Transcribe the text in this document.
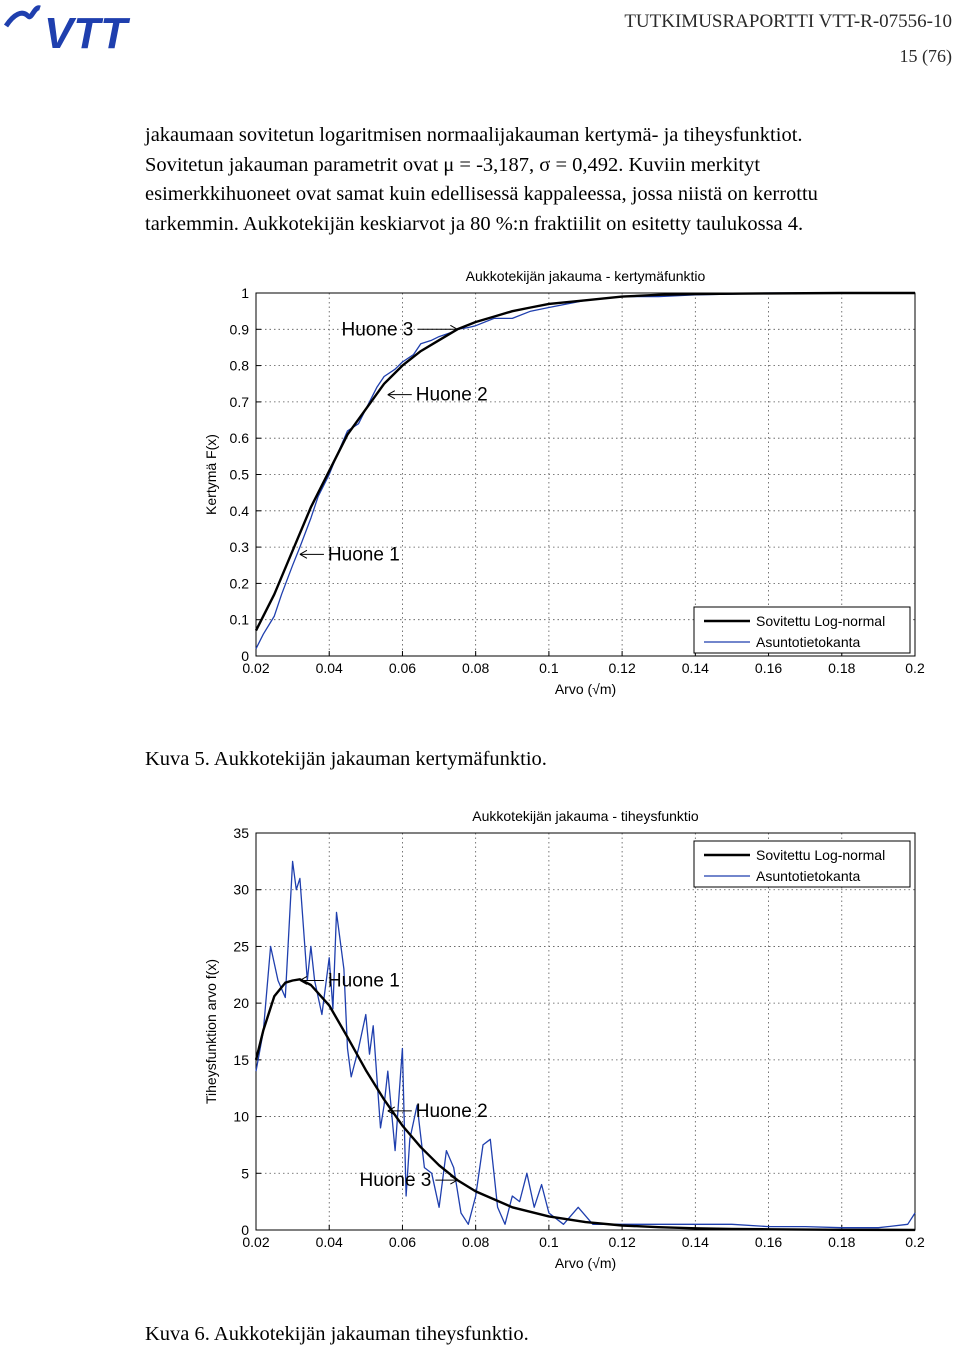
VTT	TUTKIMUSRAPORTTI VTT-R-07556-10
15 (76)

jakaumaan sovitetun logaritmisen normaalijakauman kertymä- ja tiheysfunktiot.

Sovitetun jakauman parametrit ovat μ = -3,187, σ = 0,492. Kuviin merkityt

esimerkkihuoneet ovat samat kuin edellisessä kappaleessa, jossa niistä on kerrottu

tarkemmin. Aukkotekijän keskiarvot ja 80 %:n fraktiilit on esitetty taulukossa 4.

Aukkotekijän jakauma - kertymäfunktio
0.02	0.04	0.06	0.08	0.1	0.12	0.14	0.16	0.18	0.2
0
0.1
0.2
0.3
0.4
0.5
0.6
0.7
0.8
0.9
1
Arvo (√m)
Kertymä F(x)
Huone 1
Huone 2
Huone 3
Sovitettu Log-normal
Asuntotietokanta
Kuva 5. Aukkotekijän jakauman kertymäfunktio.
Aukkotekijän jakauma - tiheysfunktio
0.02	0.04	0.06	0.08	0.1	0.12	0.14	0.16	0.18	0.2
0
5
10
15
20
25
30
35
Arvo (√m)
Tiheysfunktion arvo f(x)	Huone 1
Huone 2
Huone 3
Sovitettu Log-normal
Asuntotietokanta
Kuva 6. Aukkotekijän jakauman tiheysfunktio.
